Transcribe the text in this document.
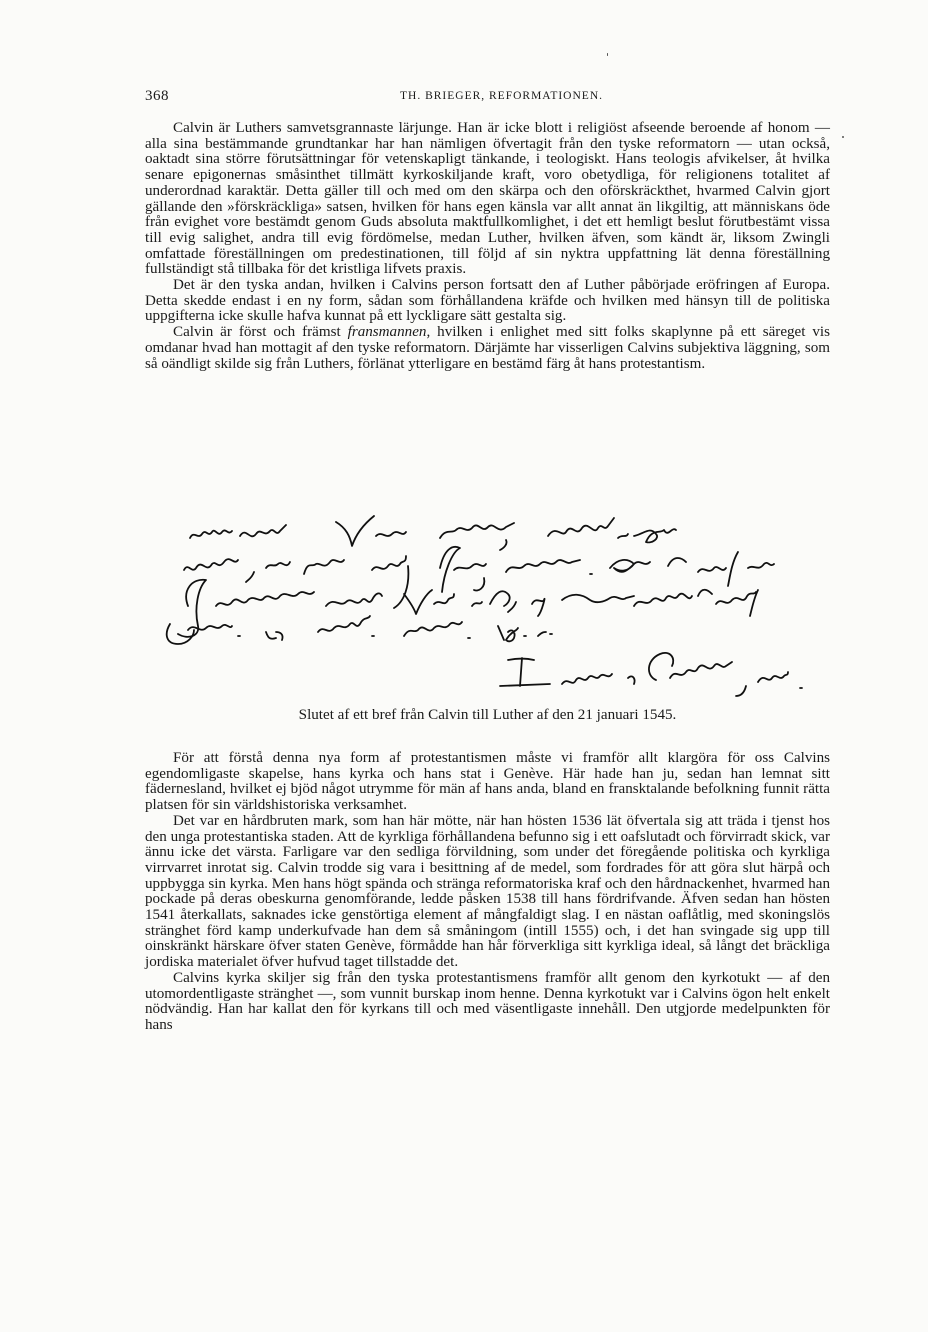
368	TH. BRIEGER, REFORMATIONEN.

Calvin är Luthers samvetsgrannaste lärjunge. Han är icke blott i religiöst afseende beroende af honom — alla sina bestämmande grundtankar har han nämligen öfvertagit från den tyske reformatorn — utan också, oaktadt sina större förutsättningar för vetenskapligt tänkande, i teologiskt. Hans teologis afvikelser, åt hvilka senare epigonernas småsinthet tillmätt kyrkoskiljande kraft, voro obetydliga, för religionens totalitet af underordnad karaktär. Detta gäller till och med om den skärpa och den oförskräckthet, hvarmed Calvin gjort gällande den »förskräckliga» satsen, hvilken för hans egen känsla var allt annat än likgiltig, att människans öde från evighet vore bestämdt genom Guds absoluta maktfullkomlighet, i det ett hemligt beslut förutbestämt vissa till evig salighet, andra till evig fördömelse, medan Luther, hvilken äfven, som kändt är, liksom Zwingli omfattade föreställningen om predestinationen, till följd af sin nyktra uppfattning lät denna föreställning fullständigt stå tillbaka för det kristliga lifvets praxis.

Det är den tyska andan, hvilken i Calvins person fortsatt den af Luther påbörjade eröfringen af Europa. Detta skedde endast i en ny form, sådan som förhållandena kräfde och hvilken med hänsyn till de politiska uppgifterna icke skulle hafva kunnat på ett lyckligare sätt gestalta sig.

Calvin är först och främst fransmannen, hvilken i enlighet med sitt folks skaplynne på ett säreget vis omdanar hvad han mottagit af den tyske reformatorn. Därjämte har visserligen Calvins subjektiva läggning, som så oändligt skilde sig från Luthers, förlänat ytterligare en bestämd färg åt hans protestantism.

Slutet af ett bref från Calvin till Luther af den 21 januari 1545.

För att förstå denna nya form af protestantismen måste vi framför allt klargöra för oss Calvins egendomligaste skapelse, hans kyrka och hans stat i Genève. Här hade han ju, sedan han lemnat sitt fädernesland, hvilket ej bjöd något utrymme för män af hans anda, bland en fransktalande befolkning funnit rätta platsen för sin världshistoriska verksamhet.

Det var en hårdbruten mark, som han här mötte, när han hösten 1536 lät öfvertala sig att träda i tjenst hos den unga protestantiska staden. Att de kyrkliga förhållandena befunno sig i ett oafslutadt och förvirradt skick, var ännu icke det värsta. Farligare var den sedliga förvildning, som under det föregående politiska och kyrkliga virrvarret inrotat sig. Calvin trodde sig vara i besittning af de medel, som fordrades för att göra slut härpå och uppbygga sin kyrka. Men hans högt spända och stränga reformatoriska kraf och den hårdnackenhet, hvarmed han pockade på deras obeskurna genomförande, ledde påsken 1538 till hans fördrifvande. Äfven sedan han hösten 1541 återkallats, saknades icke genstörtiga element af mångfaldigt slag. I en nästan oaflåtlig, med skoningslös stränghet förd kamp underkufvade han dem så småningom (intill 1555) och, i det han svingade sig upp till oinskränkt härskare öfver staten Genève, förmådde han hår förverkliga sitt kyrkliga ideal, så långt det bräckliga jordiska materialet öfver hufvud taget tillstadde det.

Calvins kyrka skiljer sig från den tyska protestantismens framför allt genom den kyrkotukt — af den utomordentligaste stränghet —, som vunnit burskap inom henne. Denna kyrkotukt var i Calvins ögon helt enkelt nödvändig. Han har kallat den för kyrkans till och med väsentligaste innehåll. Den utgjorde medelpunkten för hans
